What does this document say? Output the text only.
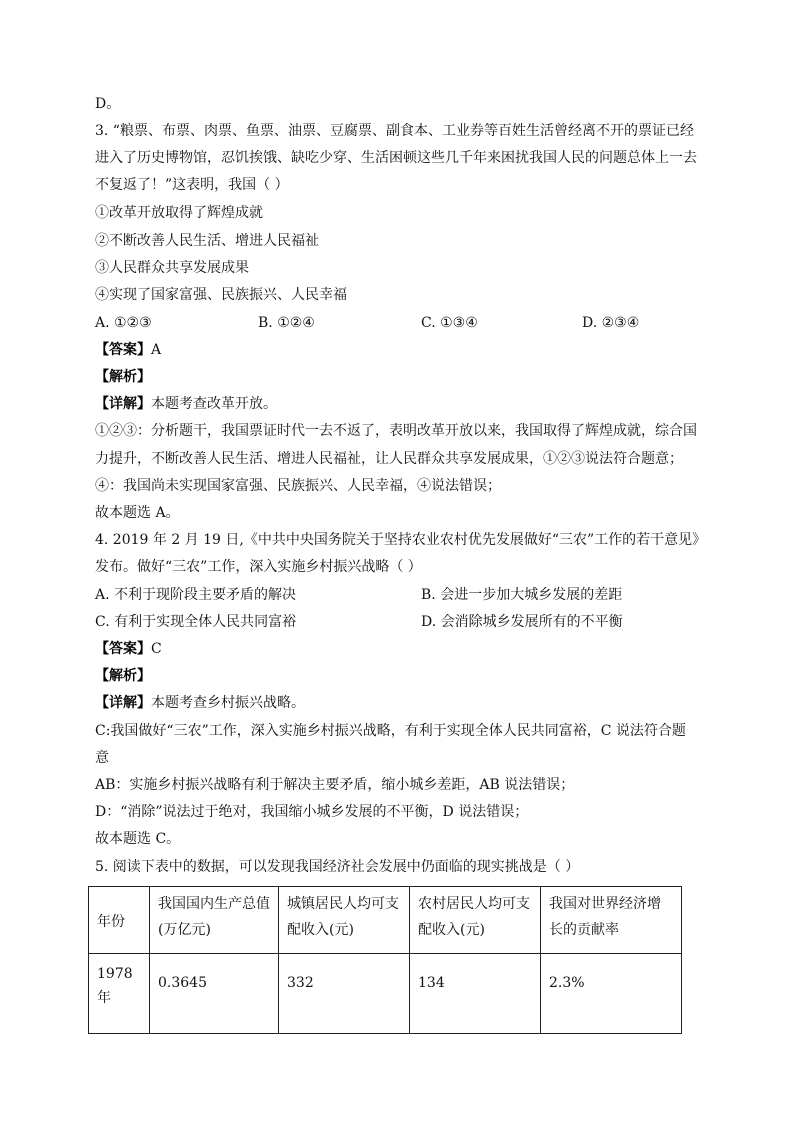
D。
3. “粮票、布票、肉票、鱼票、油票、豆腐票、副食本、工业券等百姓生活曾经离不开的票证已经
进入了历史博物馆，忍饥挨饿、缺吃少穿、生活困顿这些几千年来困扰我国人民的问题总体上一去
不复返了！”这表明，我国（ ）
①改革开放取得了辉煌成就
②不断改善人民生活、增进人民福祉
③人民群众共享发展成果
④实现了国家富强、民族振兴、人民幸福
A. ①②③	B. ①②④	C. ①③④	D. ②③④
【答案】A
【解析】
【详解】本题考查改革开放。
①②③：分析题干，我国票证时代一去不返了，表明改革开放以来，我国取得了辉煌成就，综合国
力提升，不断改善人民生活、增进人民福祉，让人民群众共享发展成果，①②③说法符合题意；
④：我国尚未实现国家富强、民族振兴、人民幸福，④说法错误；
故本题选 A。
4. 2019 年 2 月 19 日,《中共中央国务院关于坚持农业农村优先发展做好“三农”工作的若干意见》
发布。做好“三农”工作，深入实施乡村振兴战略（ ）
A. 不利于现阶段主要矛盾的解决	B. 会进一步加大城乡发展的差距
C. 有利于实现全体人民共同富裕	D. 会消除城乡发展所有的不平衡
【答案】C
【解析】
【详解】本题考查乡村振兴战略。
C:我国做好“三农”工作，深入实施乡村振兴战略，有利于实现全体人民共同富裕，C 说法符合题
意
AB：实施乡村振兴战略有利于解决主要矛盾，缩小城乡差距，AB 说法错误；
D：“消除”说法过于绝对，我国缩小城乡发展的不平衡，D 说法错误；
故本题选 C。
5. 阅读下表中的数据，可以发现我国经济社会发展中仍面临的现实挑战是（ ）
年份	我国国内生产总值(万亿元)	城镇居民人均可支配收入(元)	农村居民人均可支配收入(元)	我国对世界经济增长的贡献率
1978 年	0.3645	332	134	2.3%
